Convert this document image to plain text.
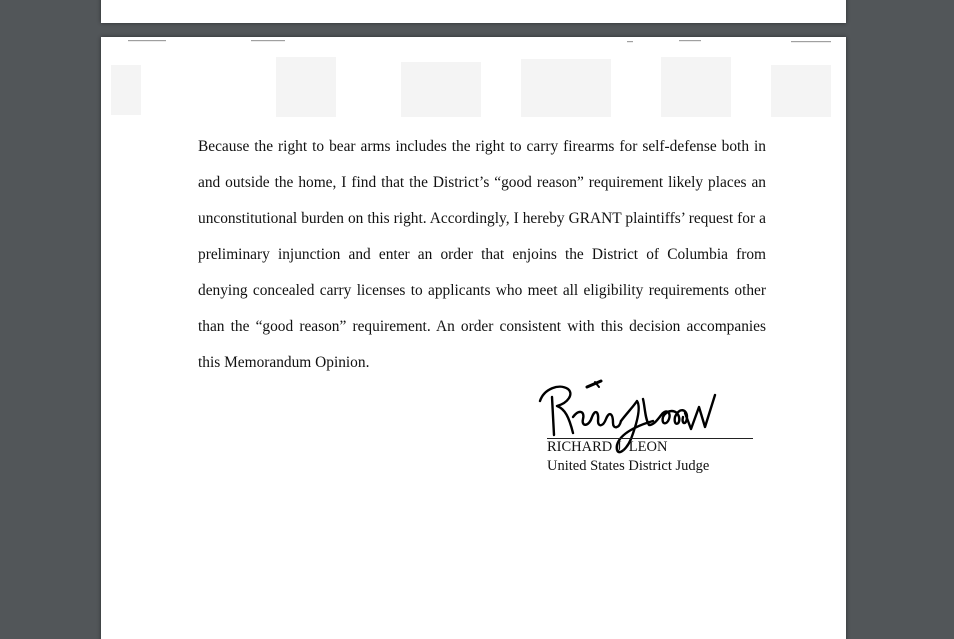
Because the right to bear arms includes the right to carry firearms for self-defense both in and outside the home, I find that the District’s “good reason” requirement likely places an unconstitutional burden on this right. Accordingly, I hereby GRANT plaintiffs’ request for a preliminary injunction and enter an order that enjoins the District of Columbia from denying concealed carry licenses to applicants who meet all eligibility requirements other than the “good reason” requirement. An order consistent with this decision accompanies this Memorandum Opinion.

RICHARD J. LEON
United States District Judge
